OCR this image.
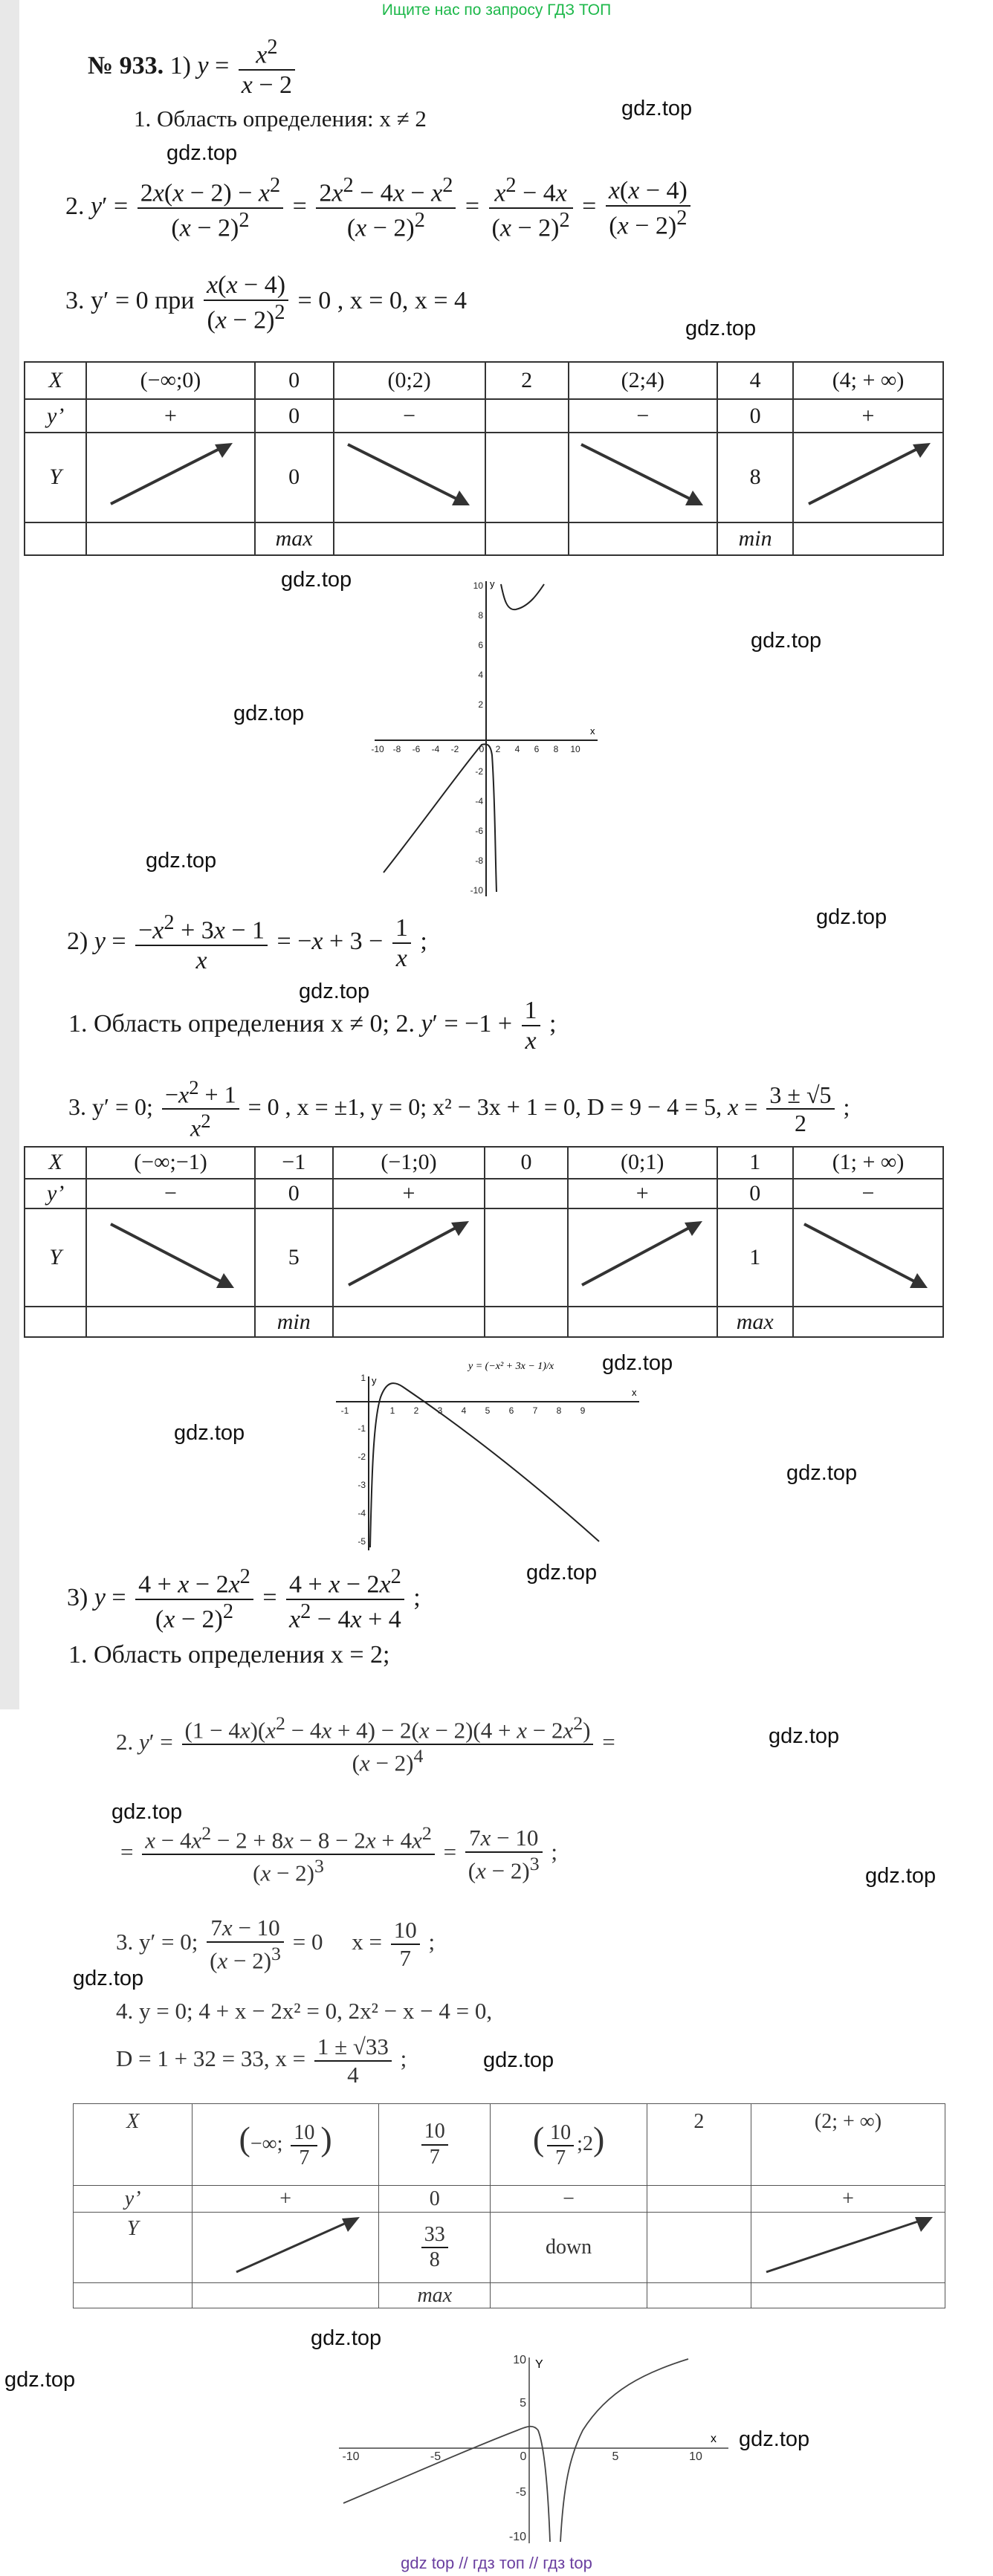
Ищите нас по запросу ГДЗ ТОП
gdz top // гдз топ // гдз top
gdz.top
gdz.top
gdz.top
gdz.top
gdz.top
gdz.top
gdz.top
gdz.top
gdz.top
gdz.top
gdz.top
gdz.top
gdz.top
gdz.top
gdz.top
gdz.top
gdz.top
gdz.top
gdz.top
gdz.top
gdz.top
№ 933. 1) $y = \frac{x^2}{x - 2}$
1. Область определения: x ≠ 2
2. $y' = \frac{2x(x - 2) - x^2}{(x - 2)^2} = \frac{2x^2 - 4x - x^2}{(x - 2)^2} = \frac{x^2 - 4x}{(x - 2)^2} = \frac{x(x - 4)}{(x - 2)^2}$
3. y′ = 0 при $\frac{x(x - 4)}{(x - 2)^2} = 0$ , x = 0, x = 4
X	(−∞;0)	0	(0;2)	2	(2;4)	4	(4; + ∞)
y’	+	0	−		−	0	+
Y		0				8	
		max				min	
-10 -8 -6 -4 -2 0 2 4 6 8 10
10
8
6
4
2
-2
-4
-6
-8
-10
x
y
2) $y = \frac{-x^2 + 3x - 1}{x} = -x + 3 - \frac{1}{x}$ ;
1. Область определения x ≠ 0; 2. $y' = -1 + \frac{1}{x}$ ;
3. y′ = 0; $\frac{-x^2 + 1}{x^2} = 0$ , x = ±1, y = 0; x² − 3x + 1 = 0, D = 9 − 4 = 5, $x = \frac{3 \pm √5}{2}$ ;
X	(−∞;−1)	−1	(−1;0)	0	(0;1)	1	(1; + ∞)
y’	−	0	+		+	0	−
Y		5				1	
		min				max	
-1	1 2 3 4 5 6 7 8 9
1
-1
-2
-3
-4
-5
x
y
y = (−x² + 3x − 1)/x
3) $y = \frac{4 + x - 2x^2}{(x - 2)^2} = \frac{4 + x - 2x^2}{x^2 - 4x + 4}$ ;
1. Область определения x = 2;
2. $y' = \frac{(1 - 4x)(x^2 - 4x + 4) - 2(x - 2)(4 + x - 2x^2)}{(x - 2)^4}$ =
= $\frac{x - 4x^2 - 2 + 8x - 8 - 2x + 4x^2}{(x - 2)^3} = \frac{7x - 10}{(x - 2)^3}$ ;
3. y′ = 0; $\frac{7x - 10}{(x - 2)^3} = 0$     $x = \frac{10}{7}$ ;
4. y = 0; 4 + x − 2x² = 0, 2x² − x − 4 = 0,
D = 1 + 32 = 33, $x = \frac{1 \pm √33}{4}$ ;
X	(−∞; $\frac{10}{7}$ )	$\frac{10}{7}$	( $\frac{10}{7}$ ;2)	2	(2; + ∞)
y’	+	0	−		+
Y		$\frac{33}{8}$	down		
		max			
-10	-5	0	5	10
10
5
-5
-10
x
Y
